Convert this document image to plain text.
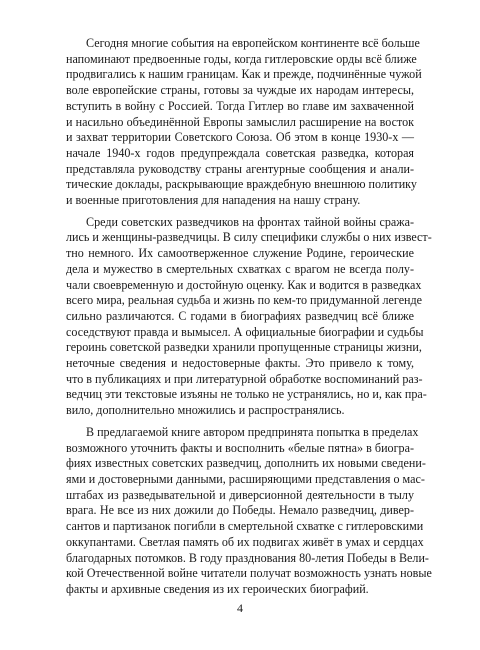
Сегодня многие события на европейском континенте всё больше
напоминают предвоенные годы, когда гитлеровские орды всё ближе
продвигались к нашим границам. Как и прежде, подчинённые чужой
воле европейские страны, готовы за чуждые их народам интересы,
вступить в войну с Россией. Тогда Гитлер во главе им захваченной
и насильно объединённой Европы замыслил расширение на восток
и захват территории Советского Союза. Об этом в конце 1930-х —
начале 1940-х годов предупреждала советская разведка, которая
представляла руководству страны агентурные сообщения и анали-
тические доклады, раскрывающие враждебную внешнюю политику
и военные приготовления для нападения на нашу страну.
Среди советских разведчиков на фронтах тайной войны сража-
лись и женщины-разведчицы. В силу специфики службы о них извест-
тно немного. Их самоотверженное служение Родине, героические
дела и мужество в смертельных схватках с врагом не всегда полу-
чали своевременную и достойную оценку. Как и водится в разведках
всего мира, реальная судьба и жизнь по кем-то придуманной легенде
сильно различаются. С годами в биографиях разведчиц всё ближе
соседствуют правда и вымысел. А официальные биографии и судьбы
героинь советской разведки хранили пропущенные страницы жизни,
неточные сведения и недостоверные факты. Это привело к тому,
что в публикациях и при литературной обработке воспоминаний раз-
ведчиц эти текстовые изъяны не только не устранялись, но и, как пра-
вило, дополнительно множились и распространялись.
В предлагаемой книге автором предпринята попытка в пределах
возможного уточнить факты и восполнить «белые пятна» в биогра-
фиях известных советских разведчиц, дополнить их новыми сведени-
ями и достоверными данными, расширяющими представления о мас-
штабах из разведывательной и диверсионной деятельности в тылу
врага. Не все из них дожили до Победы. Немало разведчиц, дивер-
сантов и партизанок погибли в смертельной схватке с гитлеровскими
оккупантами. Светлая память об их подвигах живёт в умах и сердцах
благодарных потомков. В году празднования 80-летия Победы в Вели-
кой Отечественной войне читатели получат возможность узнать новые
факты и архивные сведения из их героических биографий.
4
